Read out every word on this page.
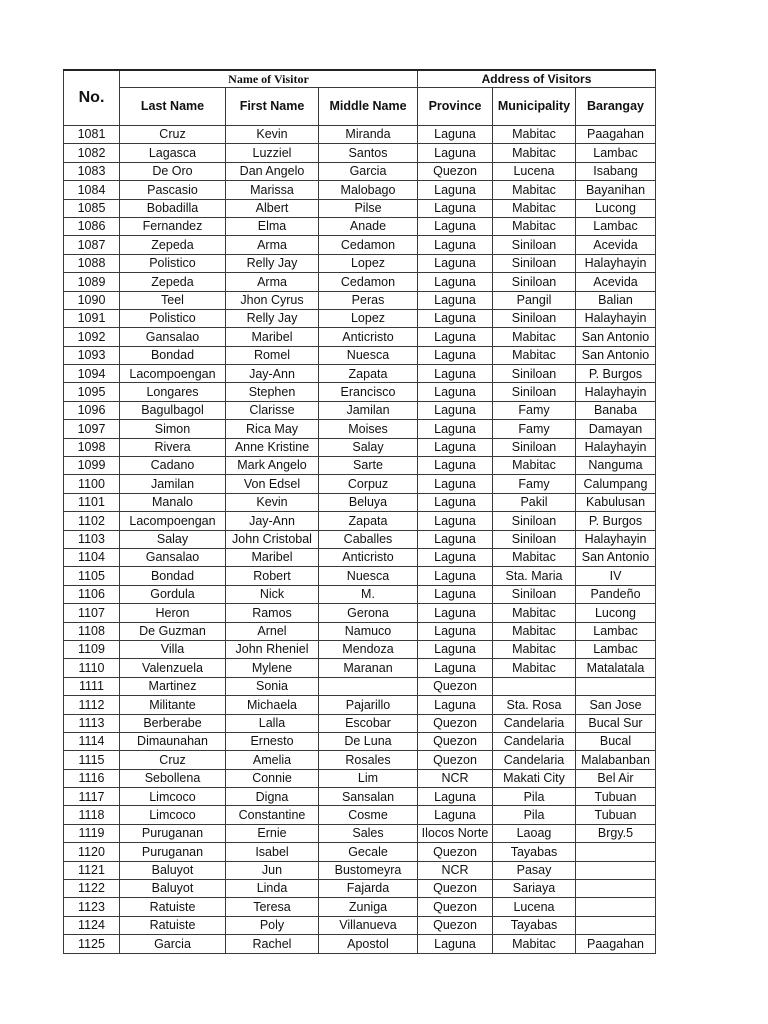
No.	Name of Visitor			Address of Visitors		
	Last Name	First Name	Middle Name	Province	Municipality	Barangay
1081	Cruz	Kevin	Miranda	Laguna	Mabitac	Paagahan
1082	Lagasca	Luzziel	Santos	Laguna	Mabitac	Lambac
1083	De Oro	Dan Angelo	Garcia	Quezon	Lucena	Isabang
1084	Pascasio	Marissa	Malobago	Laguna	Mabitac	Bayanihan
1085	Bobadilla	Albert	Pilse	Laguna	Mabitac	Lucong
1086	Fernandez	Elma	Anade	Laguna	Mabitac	Lambac
1087	Zepeda	Arma	Cedamon	Laguna	Siniloan	Acevida
1088	Polistico	Relly Jay	Lopez	Laguna	Siniloan	Halayhayin
1089	Zepeda	Arma	Cedamon	Laguna	Siniloan	Acevida
1090	Teel	Jhon Cyrus	Peras	Laguna	Pangil	Balian
1091	Polistico	Relly Jay	Lopez	Laguna	Siniloan	Halayhayin
1092	Gansalao	Maribel	Anticristo	Laguna	Mabitac	San Antonio
1093	Bondad	Romel	Nuesca	Laguna	Mabitac	San Antonio
1094	Lacompoengan	Jay-Ann	Zapata	Laguna	Siniloan	P. Burgos
1095	Longares	Stephen	Erancisco	Laguna	Siniloan	Halayhayin
1096	Bagulbagol	Clarisse	Jamilan	Laguna	Famy	Banaba
1097	Simon	Rica May	Moises	Laguna	Famy	Damayan
1098	Rivera	Anne Kristine	Salay	Laguna	Siniloan	Halayhayin
1099	Cadano	Mark Angelo	Sarte	Laguna	Mabitac	Nanguma
1100	Jamilan	Von Edsel	Corpuz	Laguna	Famy	Calumpang
1101	Manalo	Kevin	Beluya	Laguna	Pakil	Kabulusan
1102	Lacompoengan	Jay-Ann	Zapata	Laguna	Siniloan	P. Burgos
1103	Salay	John Cristobal	Caballes	Laguna	Siniloan	Halayhayin
1104	Gansalao	Maribel	Anticristo	Laguna	Mabitac	San Antonio
1105	Bondad	Robert	Nuesca	Laguna	Sta. Maria	IV
1106	Gordula	Nick	M.	Laguna	Siniloan	Pandeño
1107	Heron	Ramos	Gerona	Laguna	Mabitac	Lucong
1108	De Guzman	Arnel	Namuco	Laguna	Mabitac	Lambac
1109	Villa	John Rheniel	Mendoza	Laguna	Mabitac	Lambac
1110	Valenzuela	Mylene	Maranan	Laguna	Mabitac	Matalatala
1111	Martinez	Sonia		Quezon		
1112	Militante	Michaela	Pajarillo	Laguna	Sta. Rosa	San Jose
1113	Berberabe	Lalla	Escobar	Quezon	Candelaria	Bucal Sur
1114	Dimaunahan	Ernesto	De Luna	Quezon	Candelaria	Bucal
1115	Cruz	Amelia	Rosales	Quezon	Candelaria	Malabanban
1116	Sebollena	Connie	Lim	NCR	Makati City	Bel Air
1117	Limcoco	Digna	Sansalan	Laguna	Pila	Tubuan
1118	Limcoco	Constantine	Cosme	Laguna	Pila	Tubuan
1119	Puruganan	Ernie	Sales	Ilocos Norte	Laoag	Brgy.5
1120	Puruganan	Isabel	Gecale	Quezon	Tayabas	
1121	Baluyot	Jun	Bustomeyra	NCR	Pasay	
1122	Baluyot	Linda	Fajarda	Quezon	Sariaya	
1123	Ratuiste	Teresa	Zuniga	Quezon	Lucena	
1124	Ratuiste	Poly	Villanueva	Quezon	Tayabas	
1125	Garcia	Rachel	Apostol	Laguna	Mabitac	Paagahan
